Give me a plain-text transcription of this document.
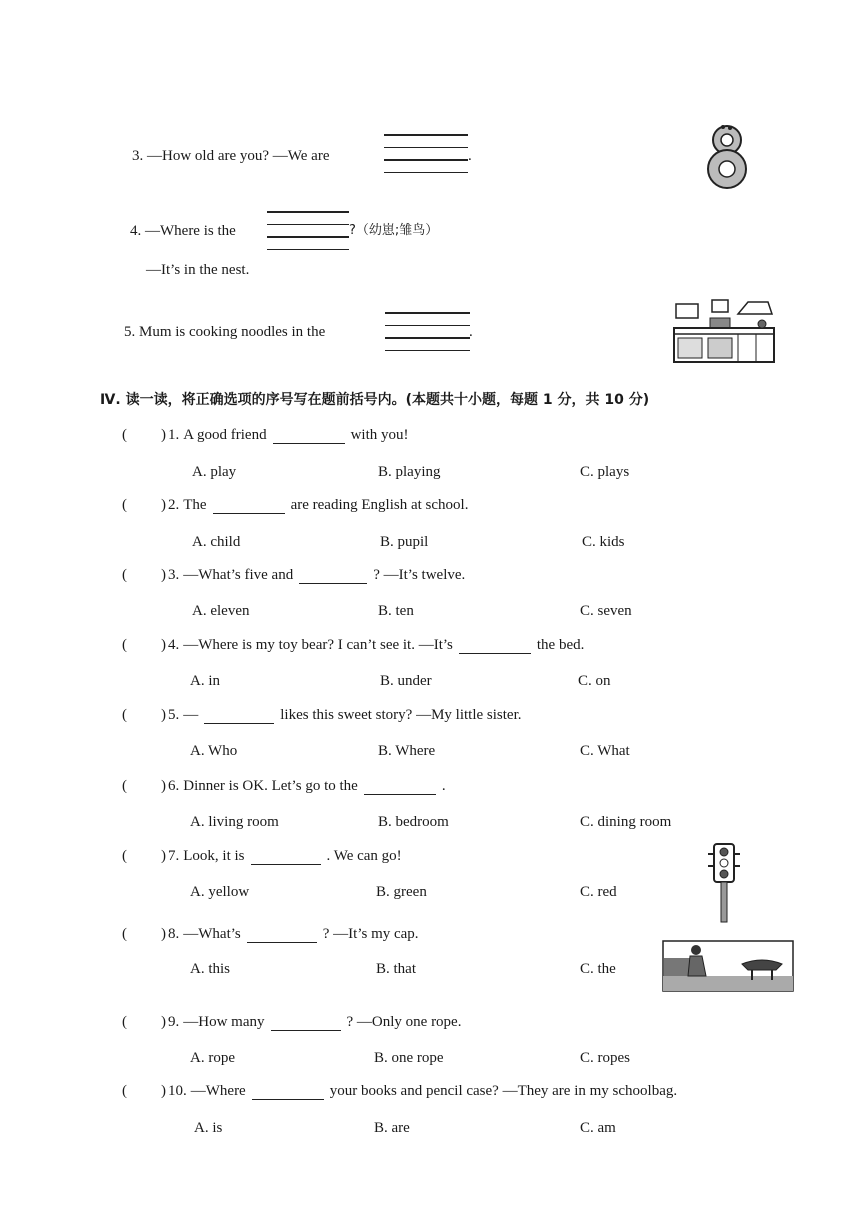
3. —How old are you? —We are	.
4. —Where is the	?（幼崽;雏鸟）
—It’s in the nest.
5. Mum is cooking noodles in the	.
Ⅳ. 读一读，将正确选项的序号写在题前括号内。(本题共十小题，每题 1 分，共 10 分)
( ) 1. A good friend	with you!
A. play	B. playing	C. plays
( ) 2. The	are reading English at school.
A. child	B. pupil	C. kids
( ) 3. —What’s five and	? —It’s twelve.
A. eleven	B. ten	C. seven
( ) 4. —Where is my toy bear? I can’t see it. —It’s	the bed.
A. in	B. under	C. on
( ) 5. —	likes this sweet story? —My little sister.
A. Who	B. Where	C. What
( ) 6. Dinner is OK. Let’s go to the	.
A. living room	B. bedroom	C. dining room
( ) 7. Look, it is	. We can go!
A. yellow	B. green	C. red
( ) 8. —What’s	? —It’s my cap.
A. this	B. that	C. the
( ) 9. —How many	? —Only one rope.
A. rope	B. one rope	C. ropes
( ) 10. —Where	your books and pencil case? —They are in my schoolbag.
A. is	B. are	C. am
